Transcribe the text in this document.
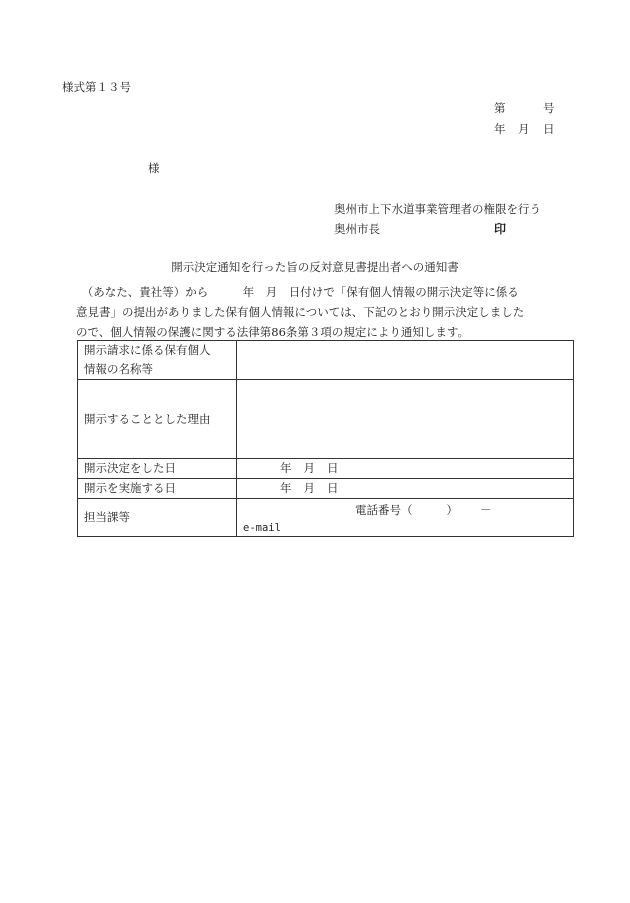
様式第１３号
第	号
年 月 日
様
奥州市上下水道事業管理者の権限を行う
奥州市長	印
開示決定通知を行った旨の反対意見書提出者への通知書
　（あなた、貴社等）から　　　年　月　日付けで「保有個人情報の開示決定等に係る
意見書」の提出がありました保有個人情報については、下記のとおり開示決定しました
ので、個人情報の保護に関する法律第86条第３項の規定により通知します。
開示請求に係る保有個人
情報の名称等	

開示することとした理由	
開示決定をした日	年 月 日
開示を実施する日	年 月 日
担当課等	電話番号（ ） －
e-mail
